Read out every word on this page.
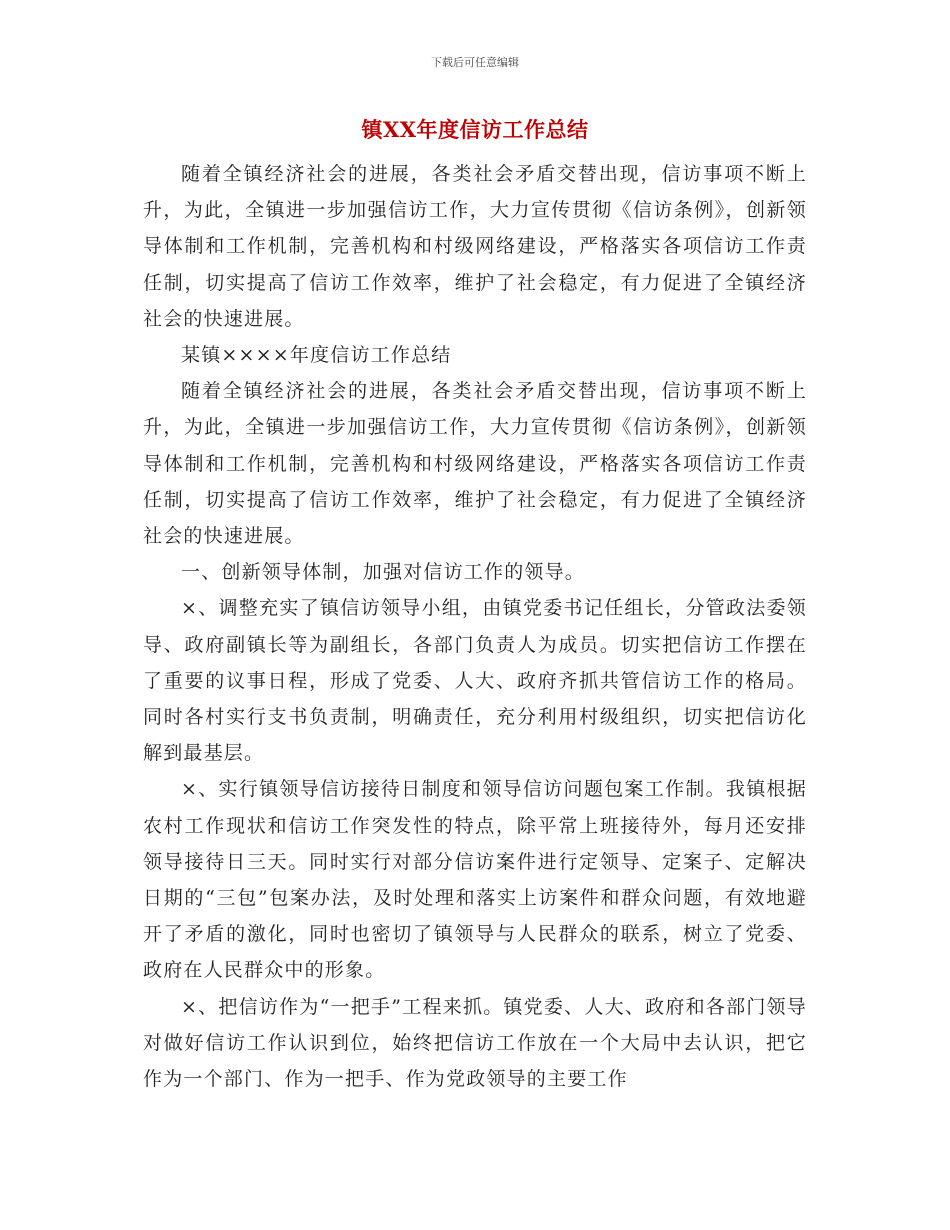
下载后可任意编辑
镇XX年度信访工作总结

随着全镇经济社会的进展，各类社会矛盾交替出现，信访事项不断上升，为此，全镇进一步加强信访工作，大力宣传贯彻《信访条例》，创新领导体制和工作机制，完善机构和村级网络建设，严格落实各项信访工作责任制，切实提高了信访工作效率，维护了社会稳定，有力促进了全镇经济社会的快速进展。

某镇××××年度信访工作总结

随着全镇经济社会的进展，各类社会矛盾交替出现，信访事项不断上升，为此，全镇进一步加强信访工作，大力宣传贯彻《信访条例》，创新领导体制和工作机制，完善机构和村级网络建设，严格落实各项信访工作责任制，切实提高了信访工作效率，维护了社会稳定，有力促进了全镇经济社会的快速进展。

一、创新领导体制，加强对信访工作的领导。

×、调整充实了镇信访领导小组，由镇党委书记任组长，分管政法委领导、政府副镇长等为副组长，各部门负责人为成员。切实把信访工作摆在了重要的议事日程，形成了党委、人大、政府齐抓共管信访工作的格局。同时各村实行支书负责制，明确责任，充分利用村级组织，切实把信访化解到最基层。

×、实行镇领导信访接待日制度和领导信访问题包案工作制。我镇根据农村工作现状和信访工作突发性的特点，除平常上班接待外，每月还安排领导接待日三天。同时实行对部分信访案件进行定领导、定案子、定解决日期的“三包”包案办法，及时处理和落实上访案件和群众问题，有效地避开了矛盾的激化，同时也密切了镇领导与人民群众的联系，树立了党委、政府在人民群众中的形象。

×、把信访作为“一把手”工程来抓。镇党委、人大、政府和各部门领导对做好信访工作认识到位，始终把信访工作放在一个大局中去认识，把它作为一个部门、作为一把手、作为党政领导的主要工作
